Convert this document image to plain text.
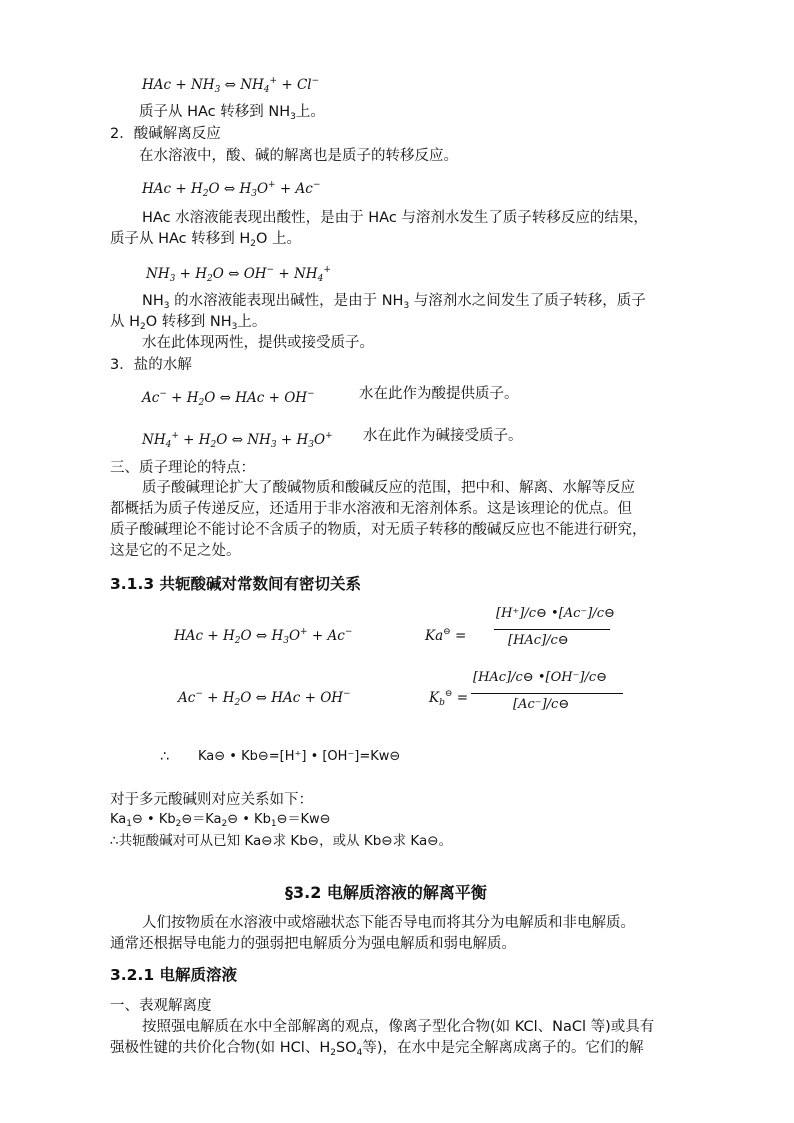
HAc + $NH_3$ ⇔ $NH_4^+ + Cl^-$
质子从 HAc 转移到 $NH_3$上。
2．酸碱解离反应
在水溶液中，酸、碱的解离也是质子的转移反应。
HAc + $H_2O$ ⇔ $H_3O^+ + Ac^-$
HAc 水溶液能表现出酸性，是由于 HAc 与溶剂水发生了质子转移反应的结果，
质子从 HAc 转移到 $H_2O$ 上。
$NH_3 + H_2O$ ⇔ $OH^- + NH_4^+$
$NH_3$ 的水溶液能表现出碱性，是由于 $NH_3$ 与溶剂水之间发生了质子转移，质子
从 $H_2O$ 转移到 $NH_3$上。
水在此体现两性，提供或接受质子。
3．盐的水解
$Ac^- + H_2O$ ⇔ HAc + OH−	水在此作为酸提供质子。
$NH_4^+ + H_2O$ ⇔ $NH_3 + H_3O^+$ 水在此作为碱接受质子。
三、质子理论的特点：
质子酸碱理论扩大了酸碱物质和酸碱反应的范围，把中和、解离、水解等反应
都概括为质子传递反应，还适用于非水溶液和无溶剂体系。这是该理论的优点。但
质子酸碱理论不能讨论不含质子的物质，对无质子转移的酸碱反应也不能进行研究，
这是它的不足之处。
3.1.3 共轭酸碱对常数间有密切关系
HAc + $H_2O$ ⇔ $H_3O^+ + Ac^-$	Ka⊖ =
[H⁺]/c⊖ •[Ac⁻]/c⊖
[HAc]/c⊖
$Ac^- + H_2O$ ⇔ HAc + OH−	$K_b^⊖$ =
[HAc]/c⊖ •[OH⁻]/c⊖
[Ac⁻]/c⊖
∴ Ka⊖ • Kb⊖=[H⁺] • [OH⁻]=Kw⊖
对于多元酸碱则对应关系如下：
$Ka_1⊖$ • $Kb_2⊖=Ka_2⊖$ • $Kb_1⊖=Kw⊖$
∴共轭酸碱对可从已知 Ka⊖求 Kb⊖，或从 Kb⊖求 Ka⊖。
§3.2 电解质溶液的解离平衡
人们按物质在水溶液中或熔融状态下能否导电而将其分为电解质和非电解质。
通常还根据导电能力的强弱把电解质分为强电解质和弱电解质。
3.2.1 电解质溶液
一、表观解离度
按照强电解质在水中全部解离的观点，像离子型化合物(如 KCl、NaCl 等)或具有
强极性键的共价化合物(如 HCl、$H_2SO_4$等)，在水中是完全解离成离子的。它们的解
